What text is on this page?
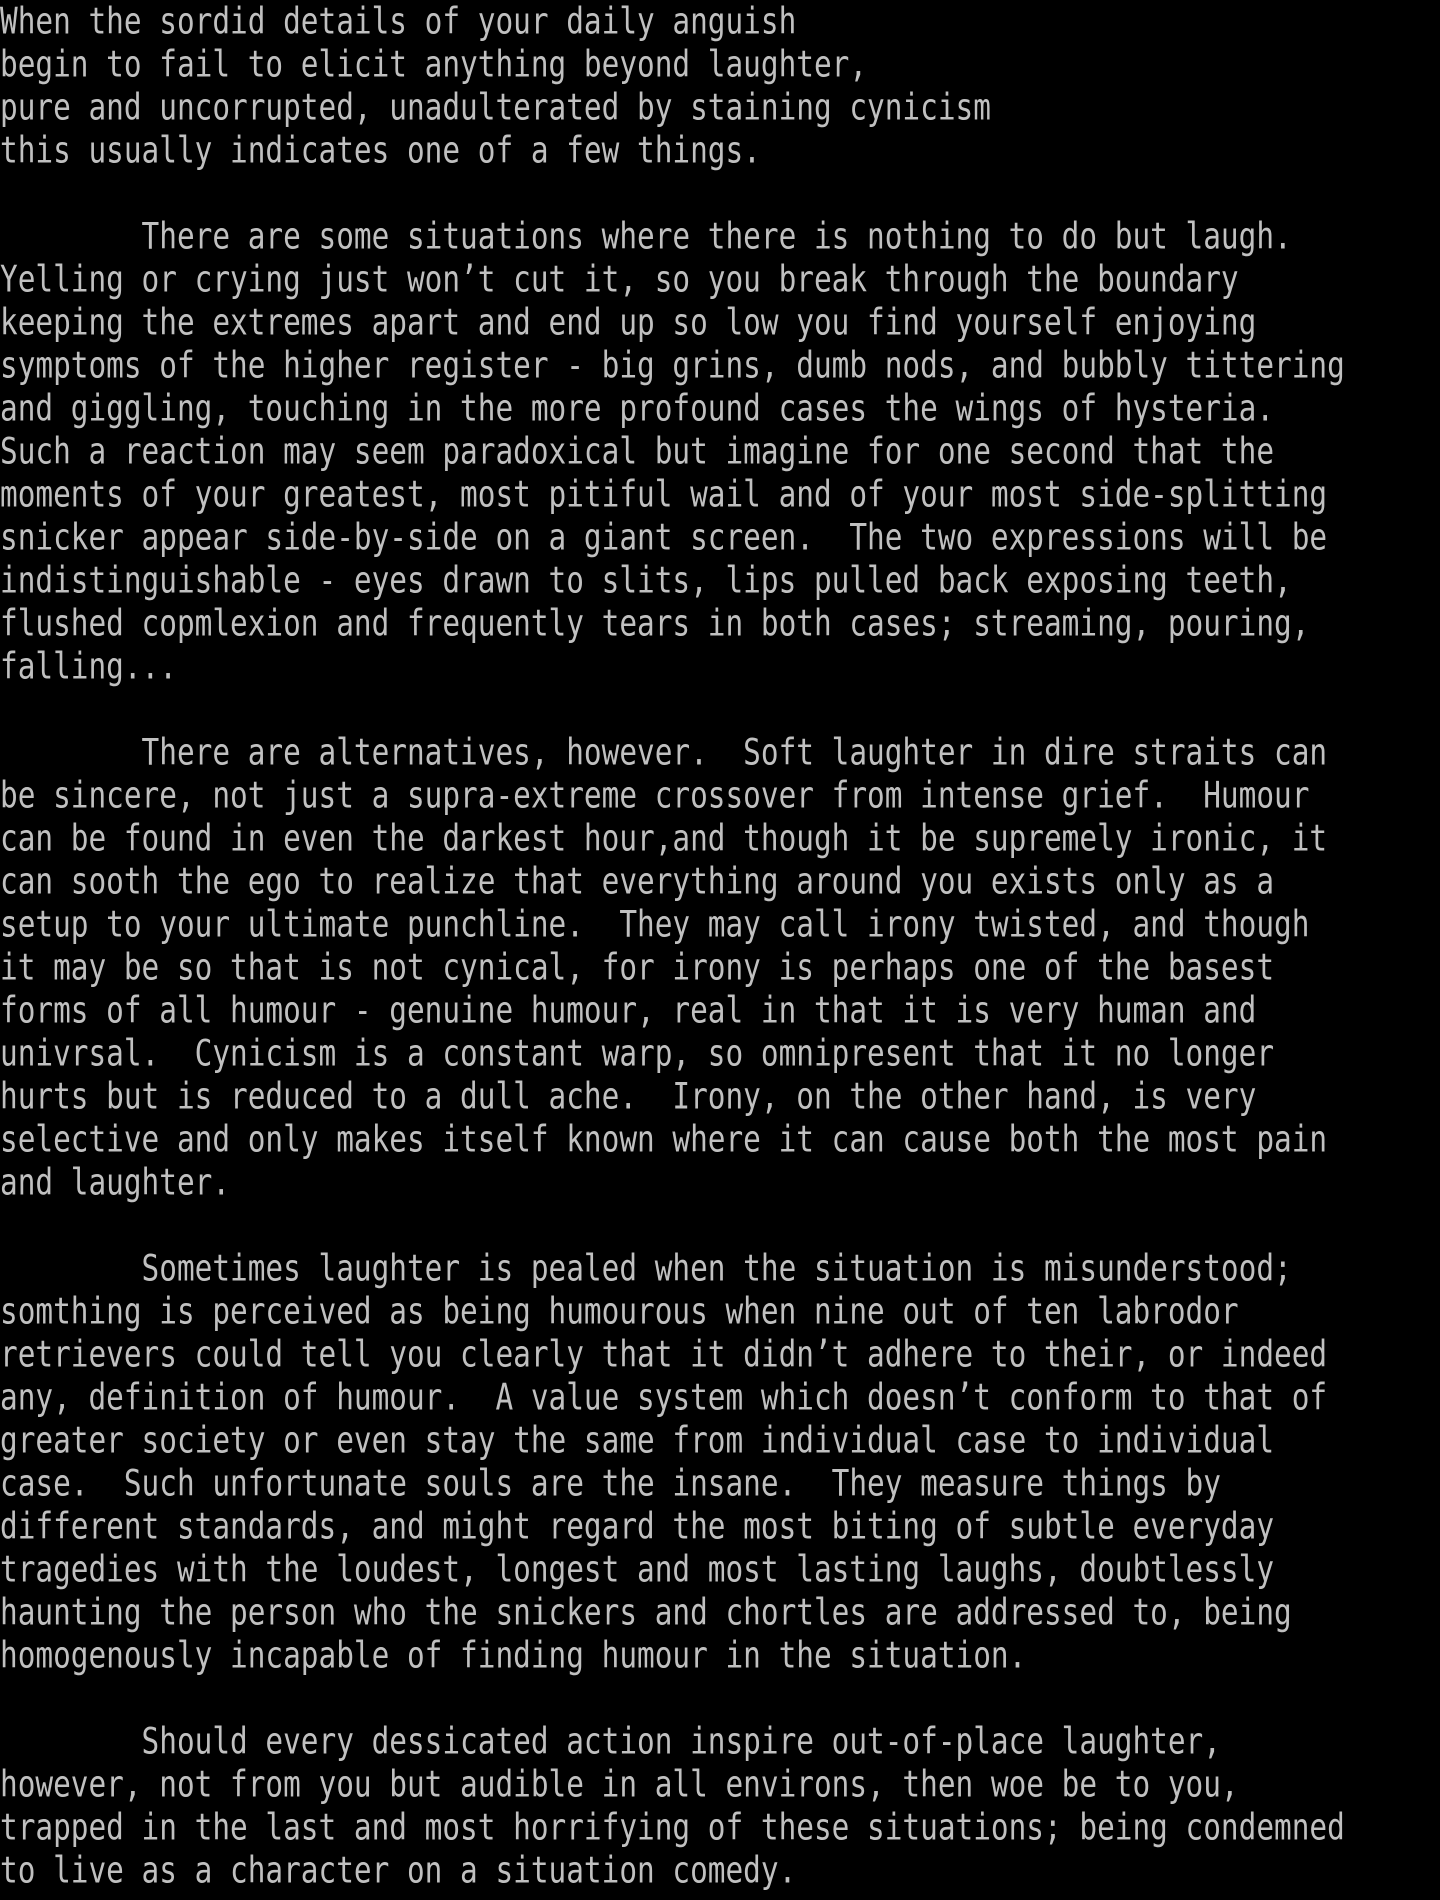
When the sordid details of your daily anguish
begin to fail to elicit anything beyond laughter,
pure and uncorrupted, unadulterated by staining cynicism
this usually indicates one of a few things.
There are some situations where there is nothing to do but laugh.
Yelling or crying just won’t cut it, so you break through the boundary
keeping the extremes apart and end up so low you find yourself enjoying
symptoms of the higher register - big grins, dumb nods, and bubbly tittering
and giggling, touching in the more profound cases the wings of hysteria.
Such a reaction may seem paradoxical but imagine for one second that the
moments of your greatest, most pitiful wail and of your most side-splitting
snicker appear side-by-side on a giant screen.  The two expressions will be
indistinguishable - eyes drawn to slits, lips pulled back exposing teeth,
flushed copmlexion and frequently tears in both cases; streaming, pouring,
falling...
There are alternatives, however.  Soft laughter in dire straits can
be sincere, not just a supra-extreme crossover from intense grief.  Humour
can be found in even the darkest hour,and though it be supremely ironic, it
can sooth the ego to realize that everything around you exists only as a
setup to your ultimate punchline.  They may call irony twisted, and though
it may be so that is not cynical, for irony is perhaps one of the basest
forms of all humour - genuine humour, real in that it is very human and
univrsal.  Cynicism is a constant warp, so omnipresent that it no longer
hurts but is reduced to a dull ache.  Irony, on the other hand, is very
selective and only makes itself known where it can cause both the most pain
and laughter.
Sometimes laughter is pealed when the situation is misunderstood;
somthing is perceived as being humourous when nine out of ten labrodor
retrievers could tell you clearly that it didn’t adhere to their, or indeed
any, definition of humour.  A value system which doesn’t conform to that of
greater society or even stay the same from individual case to individual
case.  Such unfortunate souls are the insane.  They measure things by
different standards, and might regard the most biting of subtle everyday
tragedies with the loudest, longest and most lasting laughs, doubtlessly
haunting the person who the snickers and chortles are addressed to, being
homogenously incapable of finding humour in the situation.
Should every dessicated action inspire out-of-place laughter,
however, not from you but audible in all environs, then woe be to you,
trapped in the last and most horrifying of these situations; being condemned
to live as a character on a situation comedy.
